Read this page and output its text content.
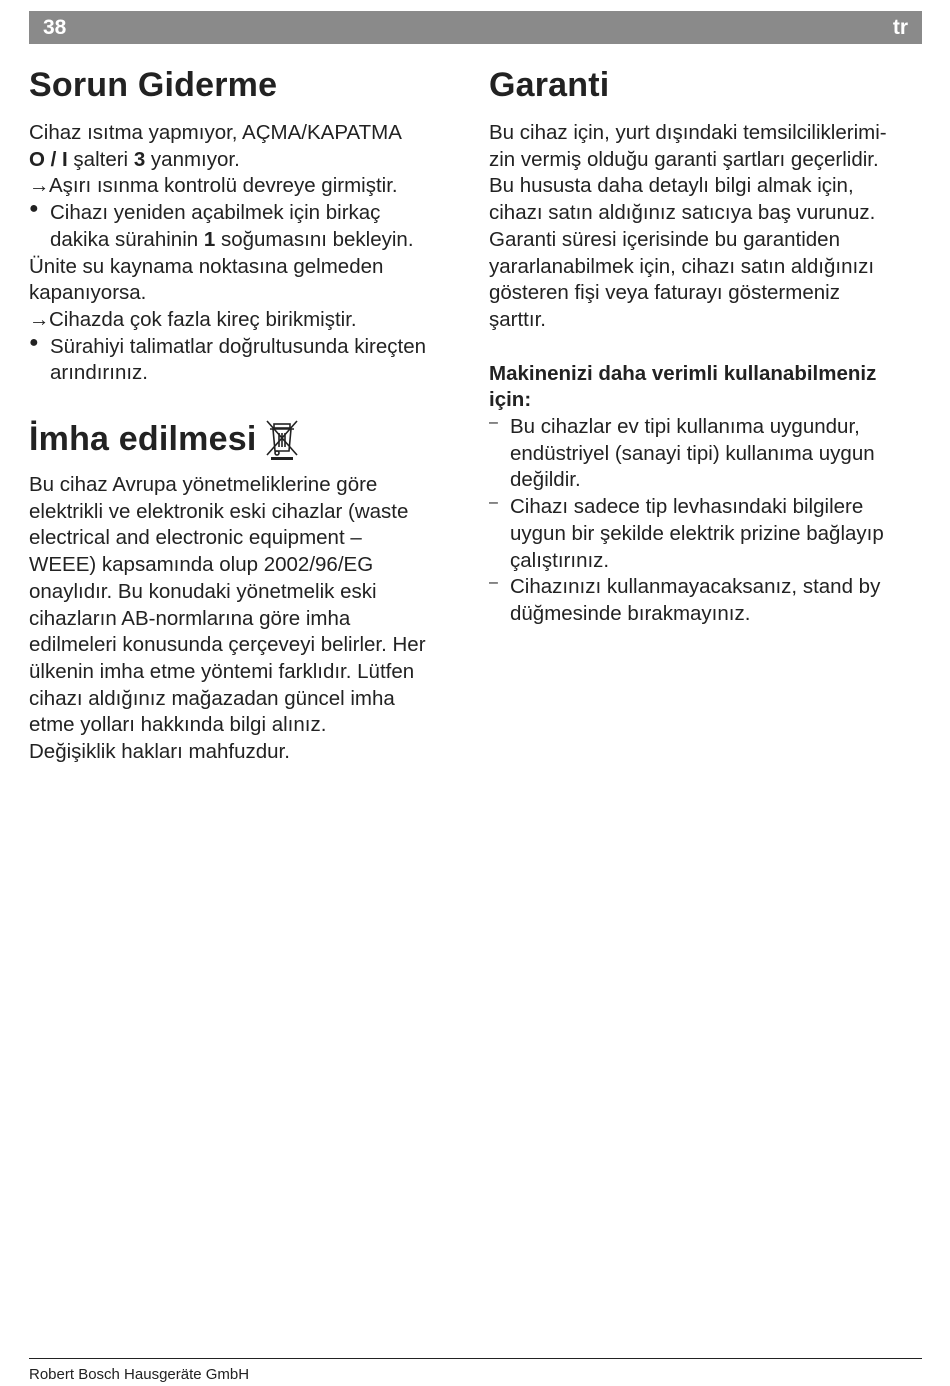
38	tr
Sorun Giderme

Cihaz ısıtma yapmıyor, AÇMA/KAPATMA

O / I şalteri 3 yanmıyor.

→ Aşırı ısınma kontrolü devreye girmiştir.

● Cihazı yeniden açabilmek için birkaç

dakika sürahinin 1 soğumasını bekleyin.

Ünite su kaynama noktasına gelmeden

kapanıyorsa.

→ Cihazda çok fazla kireç birikmiştir.

● Sürahiyi talimatlar doğrultusunda kireçten

arındırınız.

İmha edilmesi

Bu cihaz Avrupa yönetmeliklerine göre

elektrikli ve elektronik eski cihazlar (waste

electrical and electronic equipment –

WEEE) kapsamında olup 2002/96/EG

onaylıdır. Bu konudaki yönetmelik eski

cihazların AB-normlarına göre imha

edilmeleri konusunda çerçeveyi belirler. Her

ülkenin imha etme yöntemi farklıdır. Lütfen

cihazı aldığınız mağazadan güncel imha

etme yolları hakkında bilgi alınız.

Değişiklik hakları mahfuzdur.

Garanti

Bu cihaz için, yurt dışındaki temsilciliklerimi-

zin vermiş olduğu garanti şartları geçerlidir.

Bu hususta daha detaylı bilgi almak için,

cihazı satın aldığınız satıcıya baş vurunuz.

Garanti süresi içerisinde bu garantiden

yararlanabilmek için, cihazı satın aldığınızı

gösteren fişi veya faturayı göstermeniz

şarttır.

Makinenizi daha verimli kullanabilmeniz

için:

– Bu cihazlar ev tipi kullanıma uygundur,

endüstriyel (sanayi tipi) kullanıma uygun

değildir.

– Cihazı sadece tip levhasındaki bilgilere

uygun bir şekilde elektrik prizine bağlayıp

çalıştırınız.

– Cihazınızı kullanmayacaksanız, stand by

düğmesinde bırakmayınız.

Robert Bosch Hausgeräte GmbH
